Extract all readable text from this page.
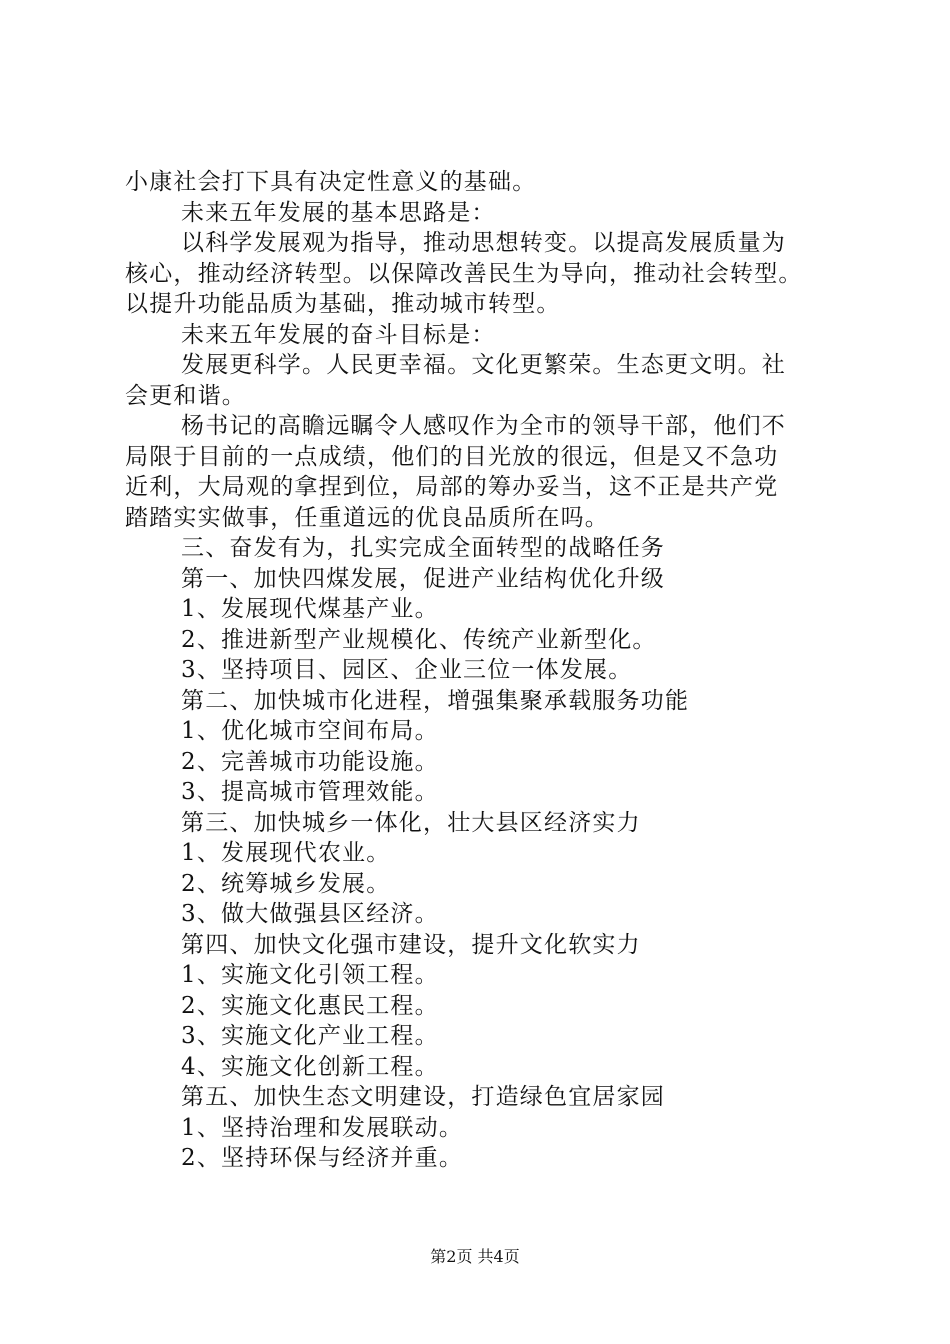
小康社会打下具有决定性意义的基础。

未来五年发展的基本思路是：

以科学发展观为指导，推动思想转变。以提高发展质量为

核心，推动经济转型。以保障改善民生为导向，推动社会转型。

以提升功能品质为基础，推动城市转型。

未来五年发展的奋斗目标是：

发展更科学。人民更幸福。文化更繁荣。生态更文明。社

会更和谐。

杨书记的高瞻远瞩令人感叹作为全市的领导干部，他们不

局限于目前的一点成绩，他们的目光放的很远，但是又不急功

近利，大局观的拿捏到位，局部的筹办妥当，这不正是共产党

踏踏实实做事，任重道远的优良品质所在吗。

三、奋发有为，扎实完成全面转型的战略任务

第一、加快四煤发展，促进产业结构优化升级

1、发展现代煤基产业。

2、推进新型产业规模化、传统产业新型化。

3、坚持项目、园区、企业三位一体发展。

第二、加快城市化进程，增强集聚承载服务功能

1、优化城市空间布局。

2、完善城市功能设施。

3、提高城市管理效能。

第三、加快城乡一体化，壮大县区经济实力

1、发展现代农业。

2、统筹城乡发展。

3、做大做强县区经济。

第四、加快文化强市建设，提升文化软实力

1、实施文化引领工程。

2、实施文化惠民工程。

3、实施文化产业工程。

4、实施文化创新工程。

第五、加快生态文明建设，打造绿色宜居家园

1、坚持治理和发展联动。

2、坚持环保与经济并重。

第2页 共4页
